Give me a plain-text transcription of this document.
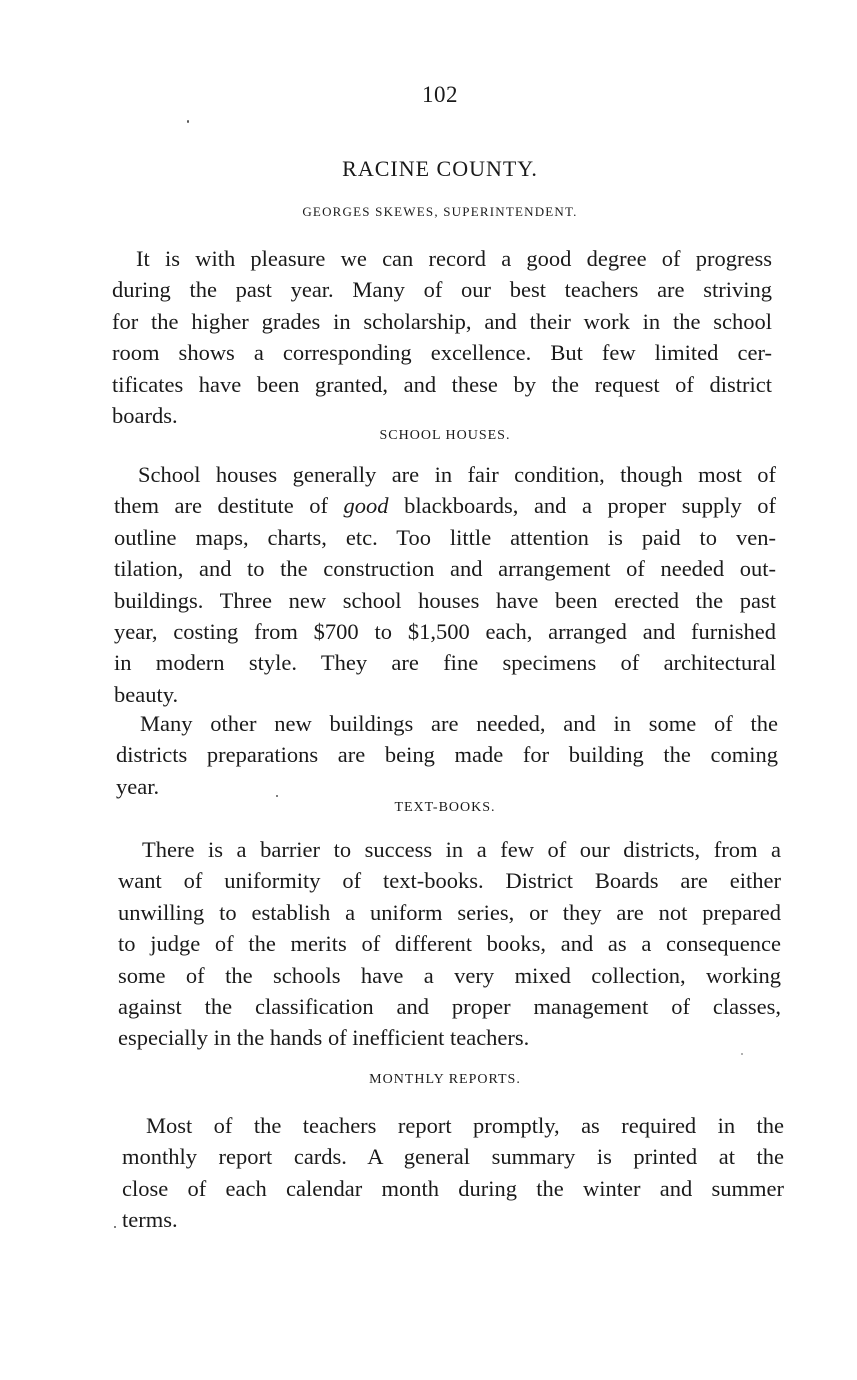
102
RACINE COUNTY.
GEORGES SKEWES, SUPERINTENDENT.
It is with pleasure we can record a good degree of progress
during the past year. Many of our best teachers are striving
for the higher grades in scholarship, and their work in the school
room shows a corresponding excellence. But few limited cer-
tificates have been granted, and these by the request of district
boards.
SCHOOL HOUSES.
School houses generally are in fair condition, though most of
them are destitute of good blackboards, and a proper supply of
outline maps, charts, etc. Too little attention is paid to ven-
tilation, and to the construction and arrangement of needed out-
buildings. Three new school houses have been erected the past
year, costing from $700 to $1,500 each, arranged and furnished
in modern style. They are fine specimens of architectural
beauty.
Many other new buildings are needed, and in some of the
districts preparations are being made for building the coming
year.
TEXT-BOOKS.
There is a barrier to success in a few of our districts, from a
want of uniformity of text-books. District Boards are either
unwilling to establish a uniform series, or they are not prepared
to judge of the merits of different books, and as a consequence
some of the schools have a very mixed collection, working
against the classification and proper management of classes,
especially in the hands of inefficient teachers.
MONTHLY REPORTS.
Most of the teachers report promptly, as required in the
monthly report cards. A general summary is printed at the
close of each calendar month during the winter and summer
terms.
